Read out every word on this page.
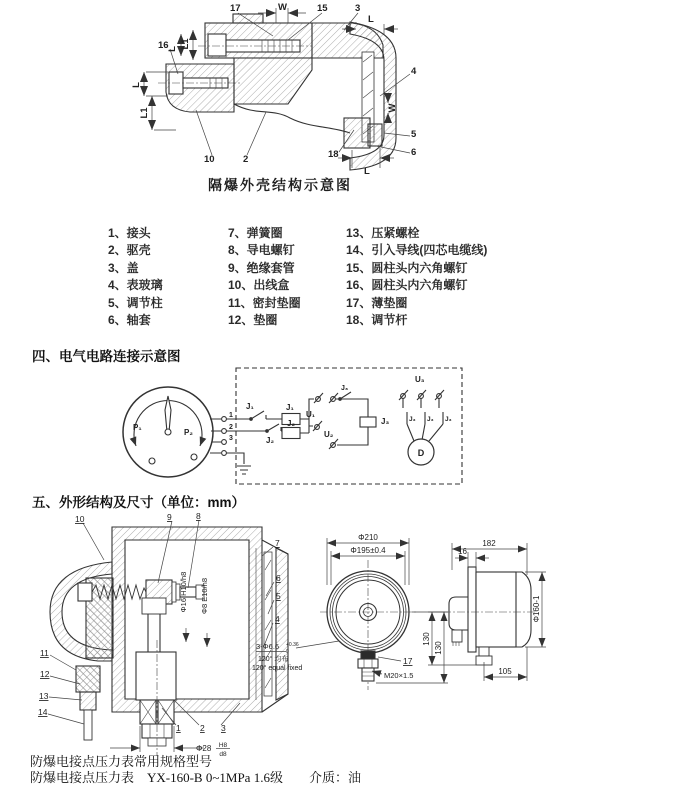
17	W	15	3
L
16
L L1
L
L1
4
W
5
6
18
L
10	2
隔爆外壳结构示意图
1、接头
2、驱壳
3、盖
4、表玻璃
5、调节柱
6、轴套
7、弹簧圈
8、导电螺钉
9、绝缘套管
10、出线盒
11、密封垫圈
12、垫圈
13、压紧螺栓
14、引入导线(四芯电缆线)
15、圆柱头内六角螺钉
16、圆柱头内六角螺钉
17、薄垫圈
18、调节杆
四、电气电路连接示意图
P₁
P₂
1
2
3
J₁	J₁
J₂
J₂
U₁
U₂
J₃
J₃
U₃
J₃ J₃ J₃
D
五、外形结构及尺寸（单位：mm）
10	9	8
7
6
5
4
11
12
13
14
1 2 3
Φ16 H10/h8 Φ8 E10/h8
Φ28 H8
d8
Φ210
Φ195±0.4
3-Φ6.6 +0.36
0
120° 均布
120° equal fixed
M20×1.5
17
130
182
16
Φ160-1
130
105
防爆电接点压力表常用规格型号
防爆电接点压力表　YX-160-B 0~1MPa 1.6级　　介质：油
